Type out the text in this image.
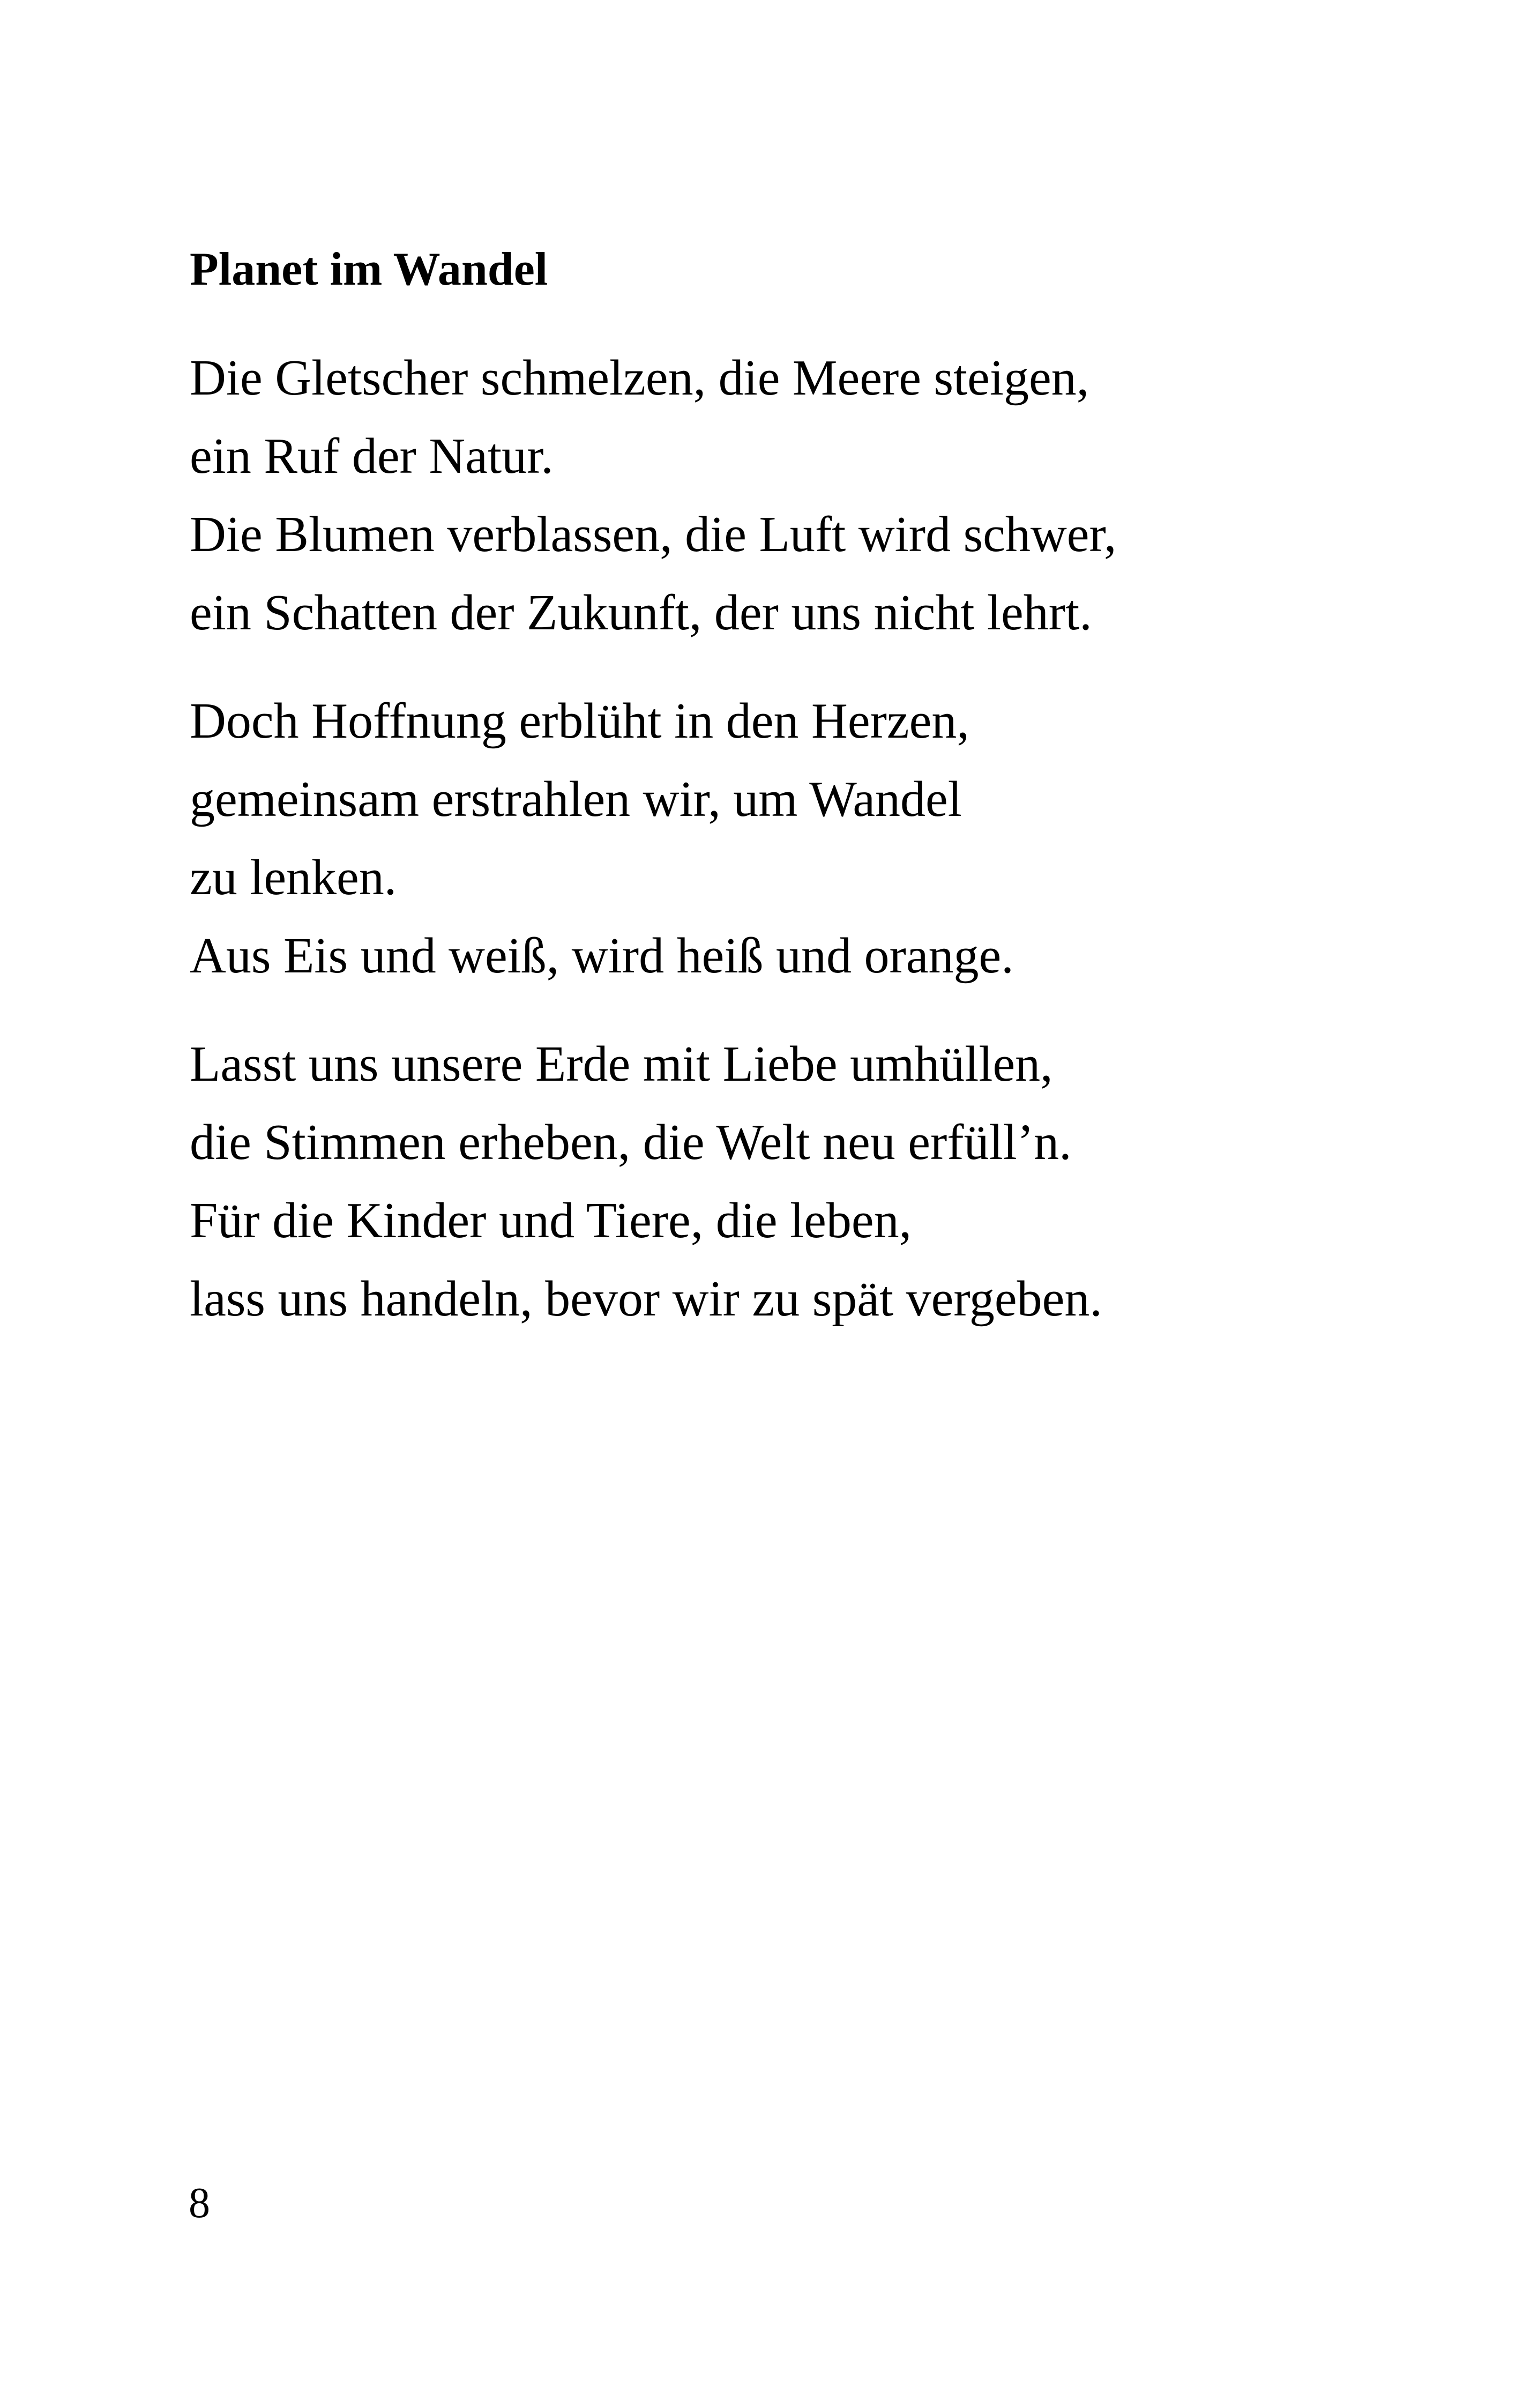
Planet im Wandel
Die Gletscher schmelzen, die Meere steigen,
ein Ruf der Natur.
Die Blumen verblassen, die Luft wird schwer,
ein Schatten der Zukunft, der uns nicht lehrt.
Doch Hoffnung erblüht in den Herzen,
gemeinsam erstrahlen wir, um Wandel
zu lenken.
Aus Eis und weiß, wird heiß und orange.
Lasst uns unsere Erde mit Liebe umhüllen,
die Stimmen erheben, die Welt neu erfüll’n.
Für die Kinder und Tiere, die leben,
lass uns handeln, bevor wir zu spät vergeben.
8
